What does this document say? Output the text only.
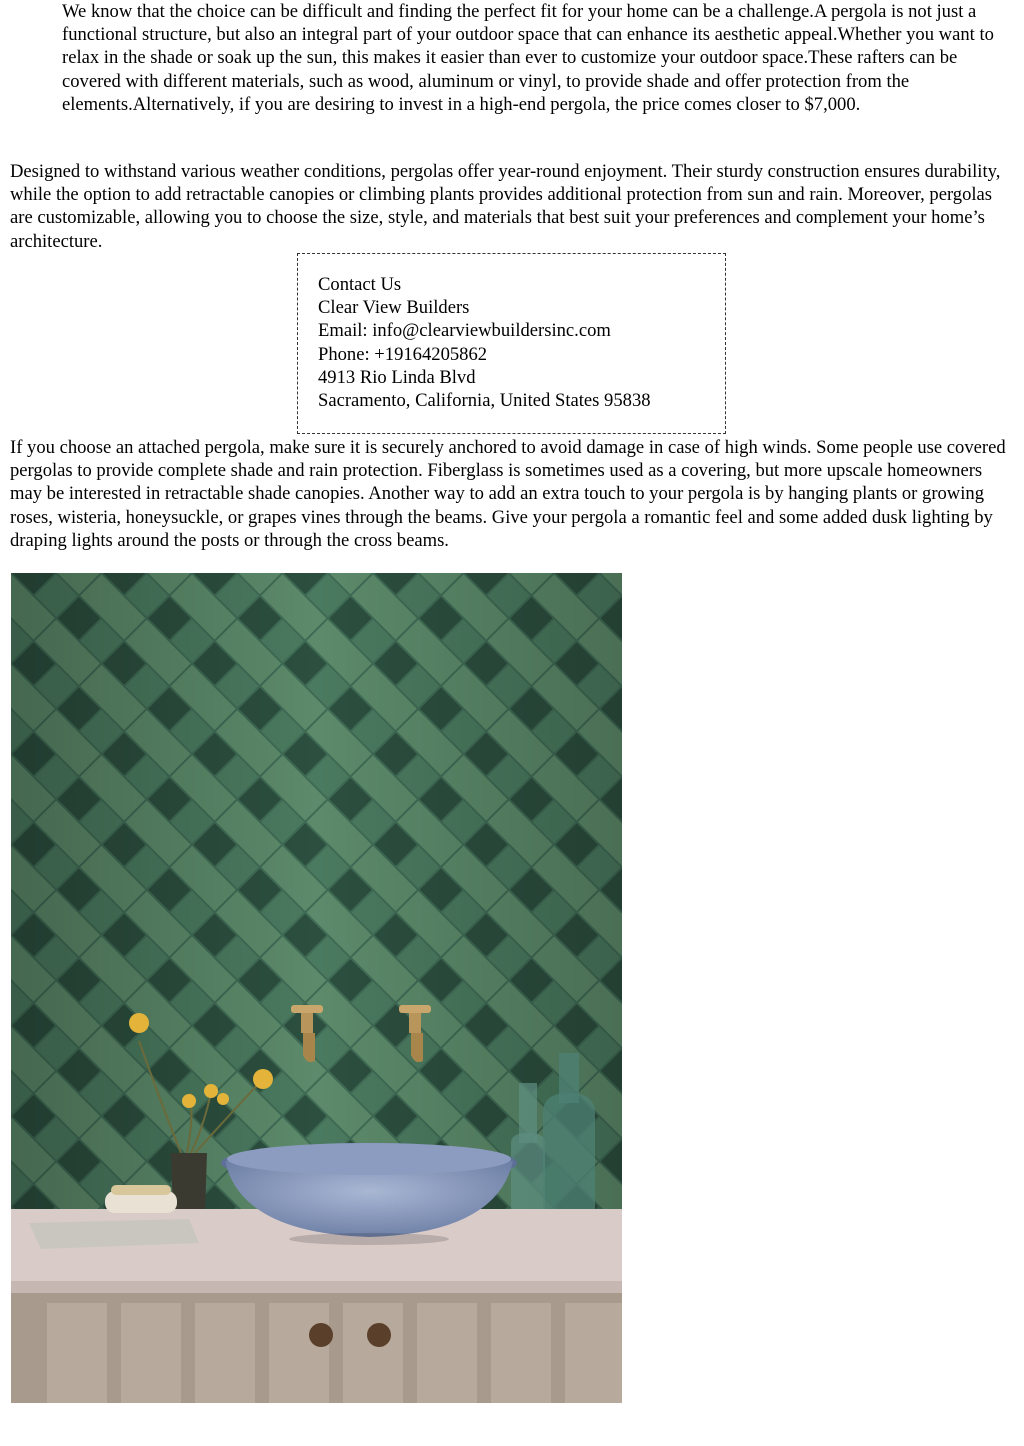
We know that the choice can be difficult and finding the perfect fit for your home can be a challenge.A pergola is not just a functional structure, but also an integral part of your outdoor space that can enhance its aesthetic appeal.Whether you want to relax in the shade or soak up the sun, this makes it easier than ever to customize your outdoor space.These rafters can be covered with different materials, such as wood, aluminum or vinyl, to provide shade and offer protection from the elements.Alternatively, if you are desiring to invest in a high-end pergola, the price comes closer to $7,000.

Designed to withstand various weather conditions, pergolas offer year-round enjoyment. Their sturdy construction ensures durability, while the option to add retractable canopies or climbing plants provides additional protection from sun and rain. Moreover, pergolas are customizable, allowing you to choose the size, style, and materials that best suit your preferences and complement your home’s architecture.

Contact Us
Clear View Builders
Email: info@clearviewbuildersinc.com
Phone: +19164205862
4913 Rio Linda Blvd
Sacramento, California, United States 95838

If you choose an attached pergola, make sure it is securely anchored to avoid damage in case of high winds. Some people use covered pergolas to provide complete shade and rain protection. Fiberglass is sometimes used as a covering, but more upscale homeowners may be interested in retractable shade canopies. Another way to add an extra touch to your pergola is by hanging plants or growing roses, wisteria, honeysuckle, or grapes vines through the beams. Give your pergola a romantic feel and some added dusk lighting by draping lights around the posts or through the cross beams.
